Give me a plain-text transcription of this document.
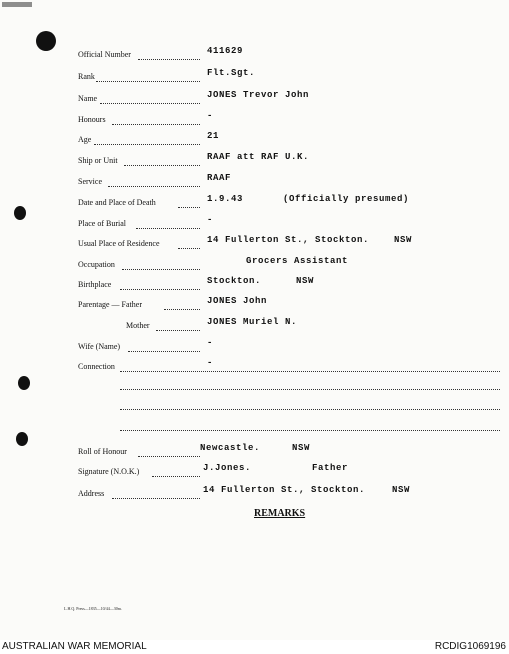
Official Number	411629
Rank	Flt.Sgt.
Name	JONES Trevor John
Honours	-
Age	21
Ship or Unit	RAAF att RAF U.K.
Service	RAAF
Date and Place of Death	1.9.43	(Officially presumed)
Place of Burial	-
Usual Place of Residence	14 Fullerton St., Stockton.	NSW
Occupation	Grocers Assistant
Birthplace	Stockton.	NSW
Parentage — Father	JONES John
Mother	JONES Muriel N.
Wife (Name)	-
Connection	-
Roll of Honour	Newcastle.	NSW
Signature (N.O.K.)	J.Jones.	Father
Address	14 Fullerton St., Stockton.	NSW
REMARKS
L.H.Q. Press—1835—10/44—30m.
AUSTRALIAN WAR MEMORIAL	RCDIG1069196
